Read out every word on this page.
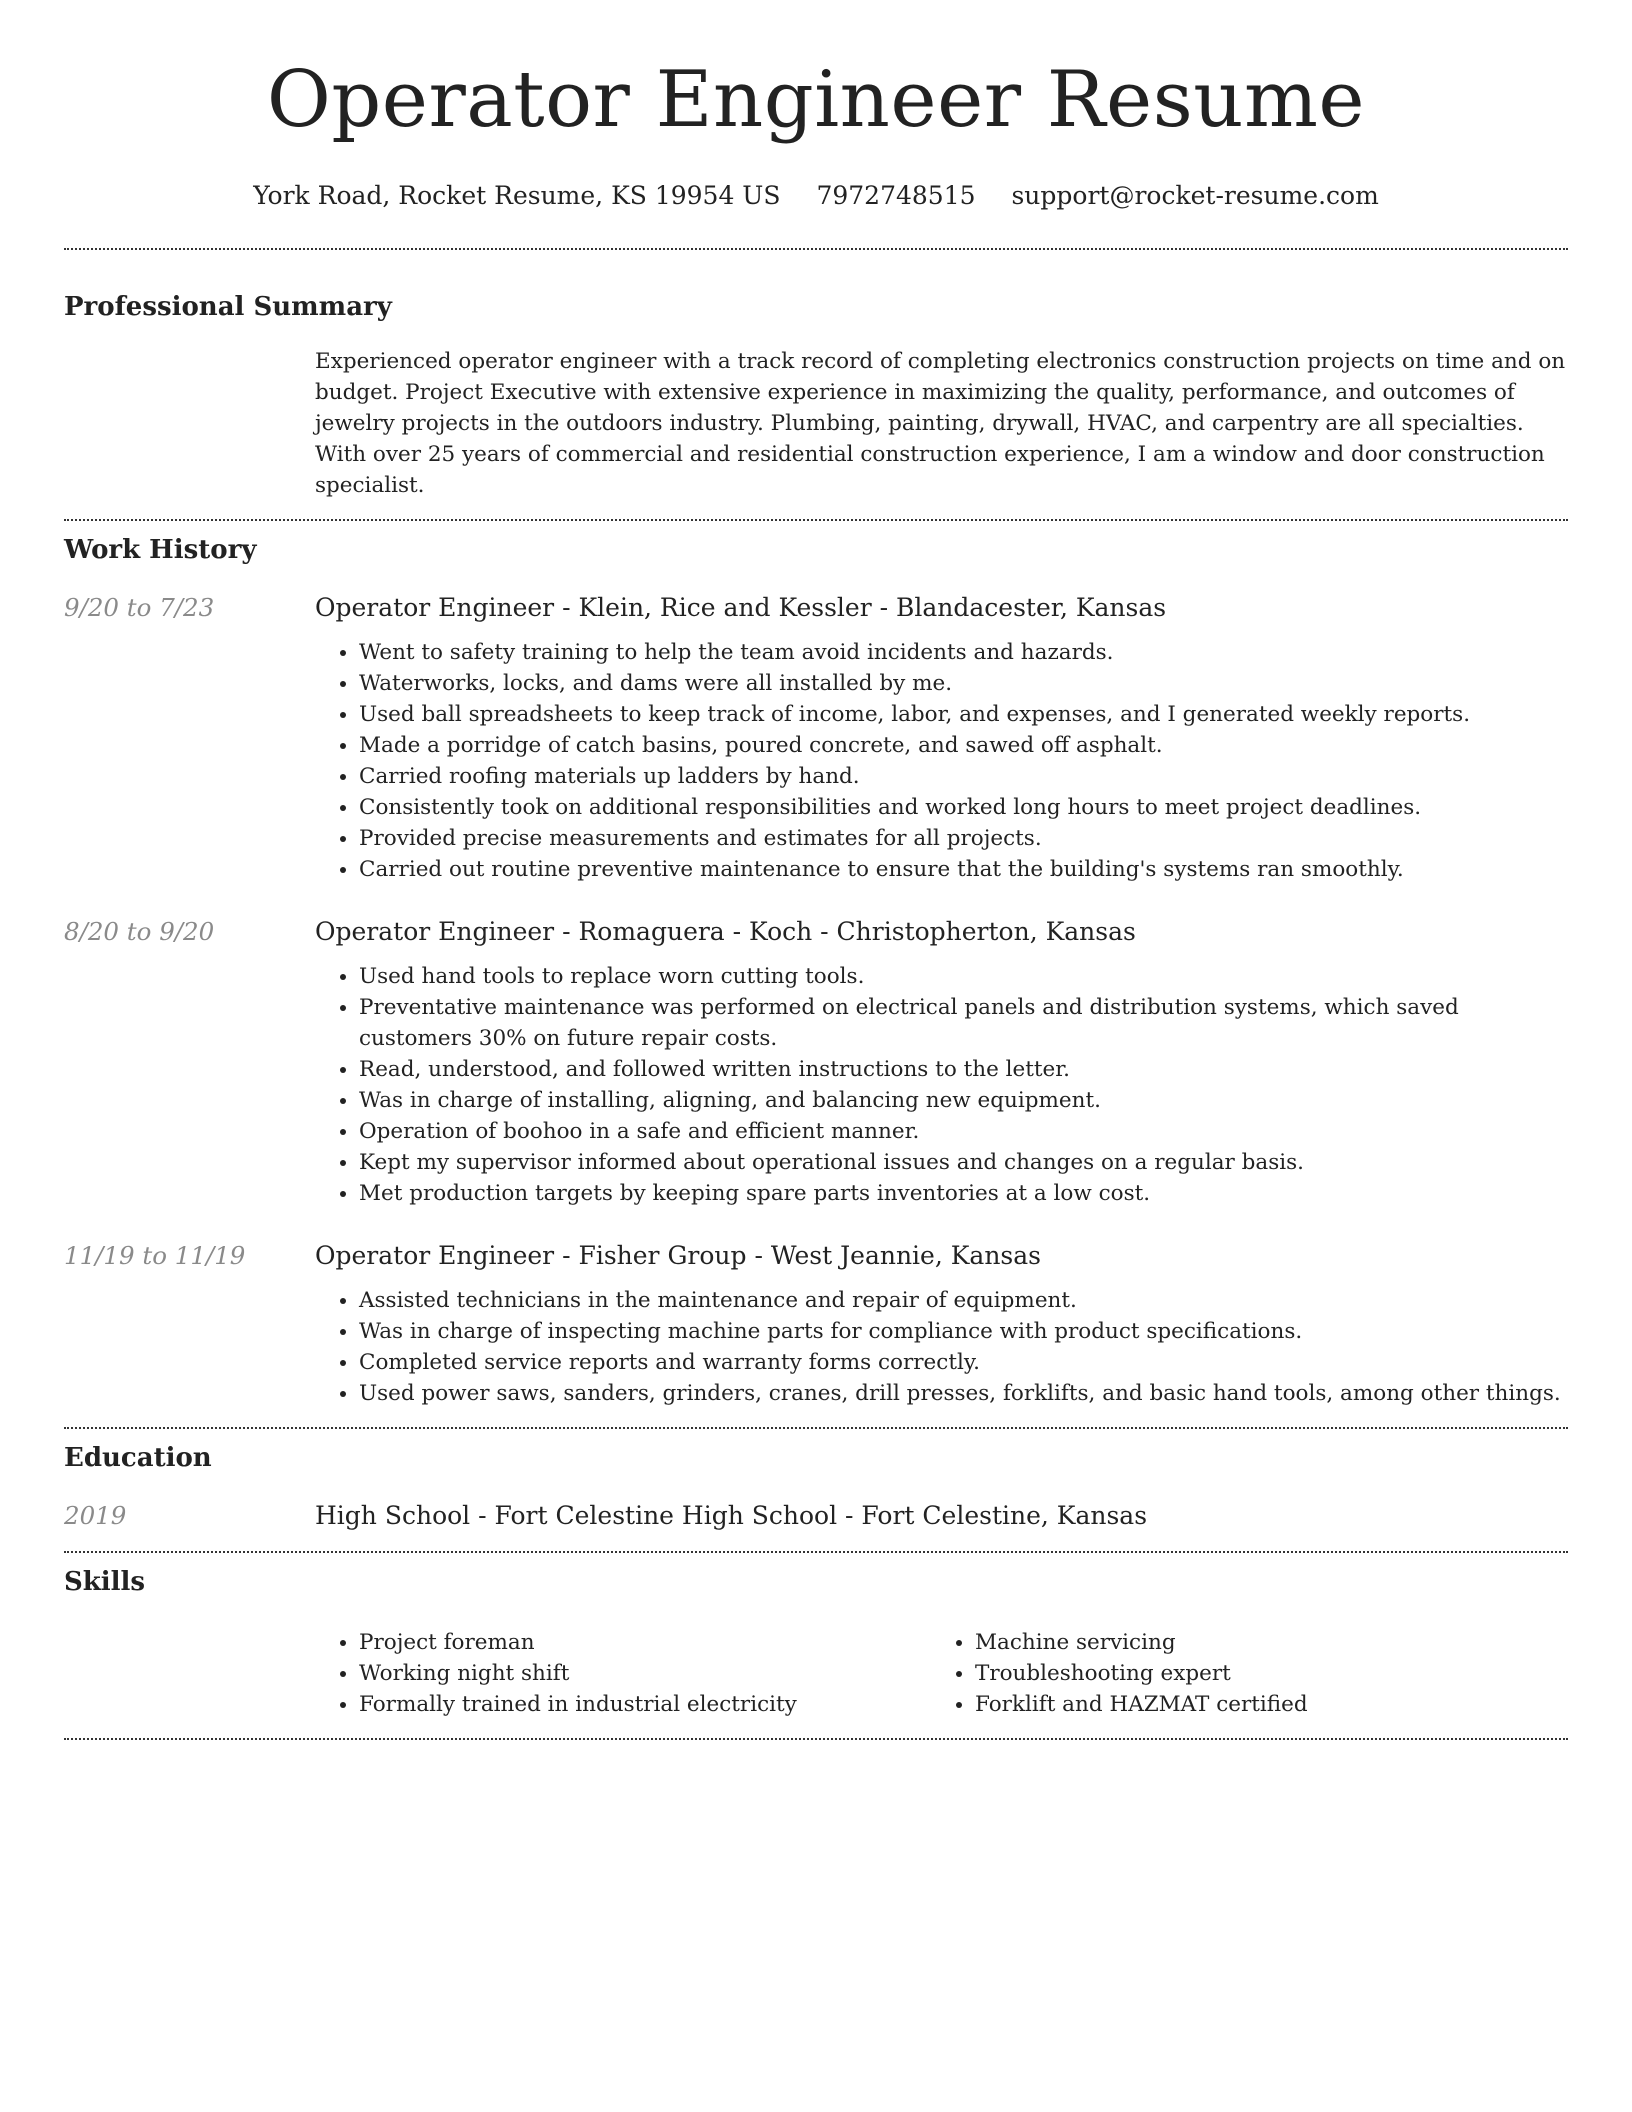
Operator Engineer Resume
York Road, Rocket Resume, KS 19954 US 7972748515 support@rocket-resume.com
Professional Summary

Experienced operator engineer with a track record of completing electronics construction projects on time and on budget. Project Executive with extensive experience in maximizing the quality, performance, and outcomes of jewelry projects in the outdoors industry. Plumbing, painting, drywall, HVAC, and carpentry are all specialties. With over 25 years of commercial and residential construction experience, I am a window and door construction specialist.

Work History
9/20 to 7/23	Operator Engineer - Klein, Rice and Kessler - Blandacester, Kansas
• Went to safety training to help the team avoid incidents and hazards.
• Waterworks, locks, and dams were all installed by me.
• Used ball spreadsheets to keep track of income, labor, and expenses, and I generated weekly reports.
• Made a porridge of catch basins, poured concrete, and sawed off asphalt.
• Carried roofing materials up ladders by hand.
• Consistently took on additional responsibilities and worked long hours to meet project deadlines.
• Provided precise measurements and estimates for all projects.
• Carried out routine preventive maintenance to ensure that the building's systems ran smoothly.
8/20 to 9/20	Operator Engineer - Romaguera - Koch - Christopherton, Kansas
• Used hand tools to replace worn cutting tools.
• Preventative maintenance was performed on electrical panels and distribution systems, which saved customers 30% on future repair costs.
• Read, understood, and followed written instructions to the letter.
• Was in charge of installing, aligning, and balancing new equipment.
• Operation of boohoo in a safe and efficient manner.
• Kept my supervisor informed about operational issues and changes on a regular basis.
• Met production targets by keeping spare parts inventories at a low cost.
11/19 to 11/19	Operator Engineer - Fisher Group - West Jeannie, Kansas
• Assisted technicians in the maintenance and repair of equipment.
• Was in charge of inspecting machine parts for compliance with product specifications.
• Completed service reports and warranty forms correctly.
• Used power saws, sanders, grinders, cranes, drill presses, forklifts, and basic hand tools, among other things.
Education
2019	High School - Fort Celestine High School - Fort Celestine, Kansas
Skills
• Project foreman
• Working night shift
• Formally trained in industrial electricity
• Machine servicing
• Troubleshooting expert
• Forklift and HAZMAT certified
